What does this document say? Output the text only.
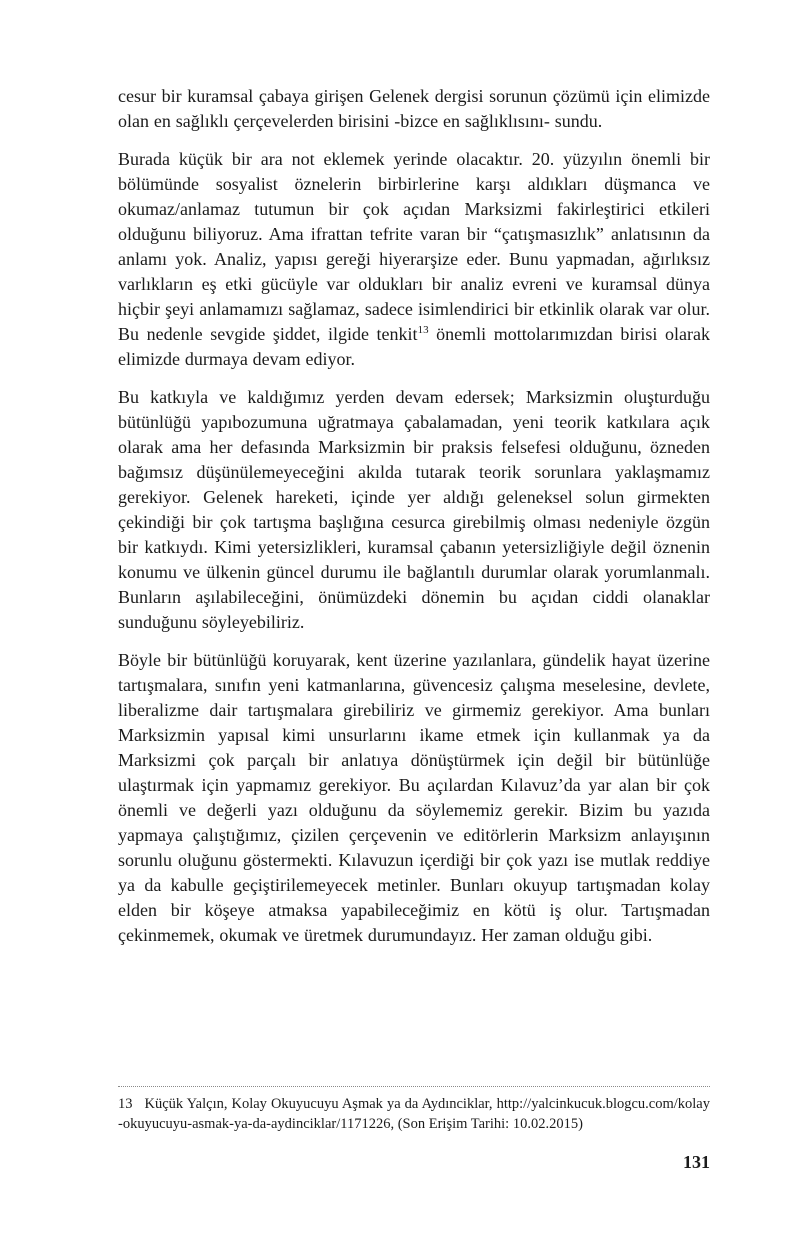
cesur bir kuramsal çabaya girişen Gelenek dergisi sorunun çözümü için elimizde olan en sağlıklı çerçevelerden birisini -bizce en sağlıklısını- sundu.

Burada küçük bir ara not eklemek yerinde olacaktır. 20. yüzyılın önemli bir bölümünde sosyalist öznelerin birbirlerine karşı aldıkları düşmanca ve okumaz/anlamaz tutumun bir çok açıdan Marksizmi fakirleştirici etkileri olduğunu biliyoruz. Ama ifrattan tefrite varan bir “çatışmasızlık” anlatısının da anlamı yok. Analiz, yapısı gereği hiyerarşize eder. Bunu yapmadan, ağırlıksız varlıkların eş etki gücüyle var oldukları bir analiz evreni ve kuramsal dünya hiçbir şeyi anlamamızı sağlamaz, sadece isimlendirici bir etkinlik olarak var olur. Bu nedenle sevgide şiddet, ilgide tenkit$^{13}$ önemli mottolarımızdan birisi olarak elimizde durmaya devam ediyor.

Bu katkıyla ve kaldığımız yerden devam edersek; Marksizmin oluşturduğu bütünlüğü yapıbozumuna uğratmaya çabalamadan, yeni teorik katkılara açık olarak ama her defasında Marksizmin bir praksis felsefesi olduğunu, özneden bağımsız düşünülemeyeceğini akılda tutarak teorik sorunlara yaklaşmamız gerekiyor. Gelenek hareketi, içinde yer aldığı geleneksel solun girmekten çekindiği bir çok tartışma başlığına cesurca girebilmiş olması nedeniyle özgün bir katkıydı. Kimi yetersizlikleri, kuramsal çabanın yetersizliğiyle değil öznenin konumu ve ülkenin güncel durumu ile bağlantılı durumlar olarak yorumlanmalı. Bunların aşılabileceğini, önümüzdeki dönemin bu açıdan ciddi olanaklar sunduğunu söyleyebiliriz.

Böyle bir bütünlüğü koruyarak, kent üzerine yazılanlara, gündelik hayat üzerine tartışmalara, sınıfın yeni katmanlarına, güvencesiz çalışma meselesine, devlete, liberalizme dair tartışmalara girebiliriz ve girmemiz gerekiyor. Ama bunları Marksizmin yapısal kimi unsurlarını ikame etmek için kullanmak ya da Marksizmi çok parçalı bir anlatıya dönüştürmek için değil bir bütünlüğe ulaştırmak için yapmamız gerekiyor. Bu açılardan Kılavuz’da yar alan bir çok önemli ve değerli yazı olduğunu da söylememiz gerekir. Bizim bu yazıda yapmaya çalıştığımız, çizilen çerçevenin ve editörlerin Marksizm anlayışının sorunlu oluğunu göstermekti. Kılavuzun içerdiği bir çok yazı ise mutlak reddiye ya da kabulle geçiştirilemeyecek metinler. Bunları okuyup tartışmadan kolay elden bir köşeye atmaksa yapabileceğimiz en kötü iş olur. Tartışmadan çekinmemek, okumak ve üretmek durumundayız. Her zaman olduğu gibi.

13 Küçük Yalçın, Kolay Okuyucuyu Aşmak ya da Aydınciklar, http://yalcinkucuk.blogcu.com/kolay-okuyucuyu-asmak-ya-da-aydinciklar/1171226, (Son Erişim Tarihi: 10.02.2015)
131
